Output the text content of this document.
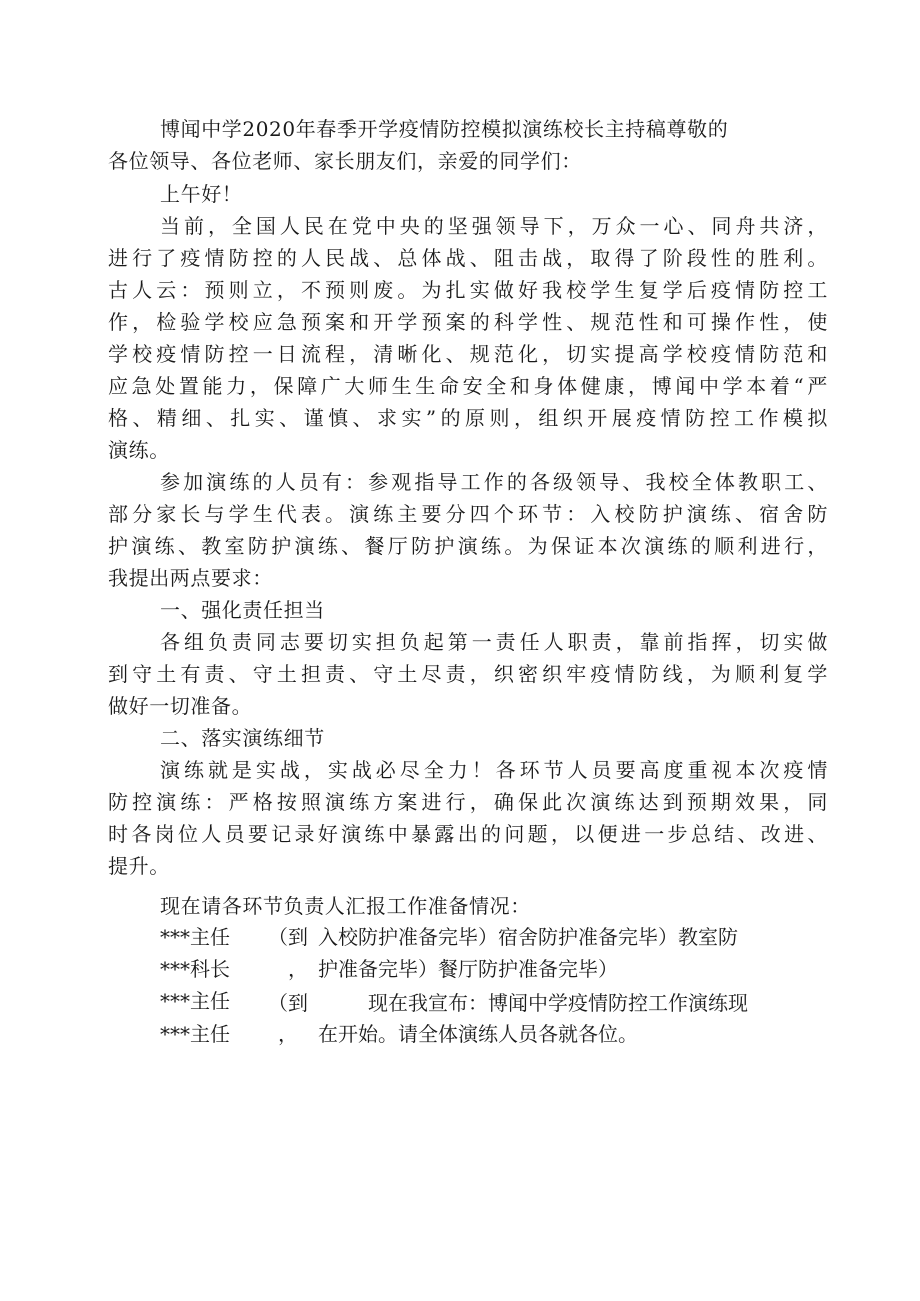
博闻中学2020年春季开学疫情防控模拟演练校长主持稿尊敬的
各位领导、各位老师、家长朋友们，亲爱的同学们：
上午好！
当前，全国人民在党中央的坚强领导下，万众一心、同舟共济，
进行了疫情防控的人民战、总体战、阻击战，取得了阶段性的胜利。
古人云：预则立，不预则废。为扎实做好我校学生复学后疫情防控工
作，检验学校应急预案和开学预案的科学性、规范性和可操作性，使
学校疫情防控一日流程，清晰化、规范化，切实提高学校疫情防范和
应急处置能力，保障广大师生生命安全和身体健康，博闻中学本着“严
格、精细、扎实、谨慎、求实”的原则，组织开展疫情防控工作模拟
演练。
参加演练的人员有：参观指导工作的各级领导、我校全体教职工、
部分家长与学生代表。演练主要分四个环节：入校防护演练、宿舍防
护演练、教室防护演练、餐厅防护演练。为保证本次演练的顺利进行，
我提出两点要求：
一、强化责任担当
各组负责同志要切实担负起第一责任人职责，靠前指挥，切实做
到守土有责、守土担责、守土尽责，织密织牢疫情防线，为顺利复学
做好一切准备。
二、落实演练细节
演练就是实战，实战必尽全力！各环节人员要高度重视本次疫情
防控演练：严格按照演练方案进行，确保此次演练达到预期效果，同
时各岗位人员要记录好演练中暴露出的问题，以便进一步总结、改进、
提升。
现在请各环节负责人汇报工作准备情况：
***主任 （到 入校防护准备完毕）宿舍防护准备完毕）教室防
***科长	， 护准备完毕）餐厅防护准备完毕）
***主任 （到	现在我宣布：博闻中学疫情防控工作演练现
***主任 ， 在开始。请全体演练人员各就各位。
